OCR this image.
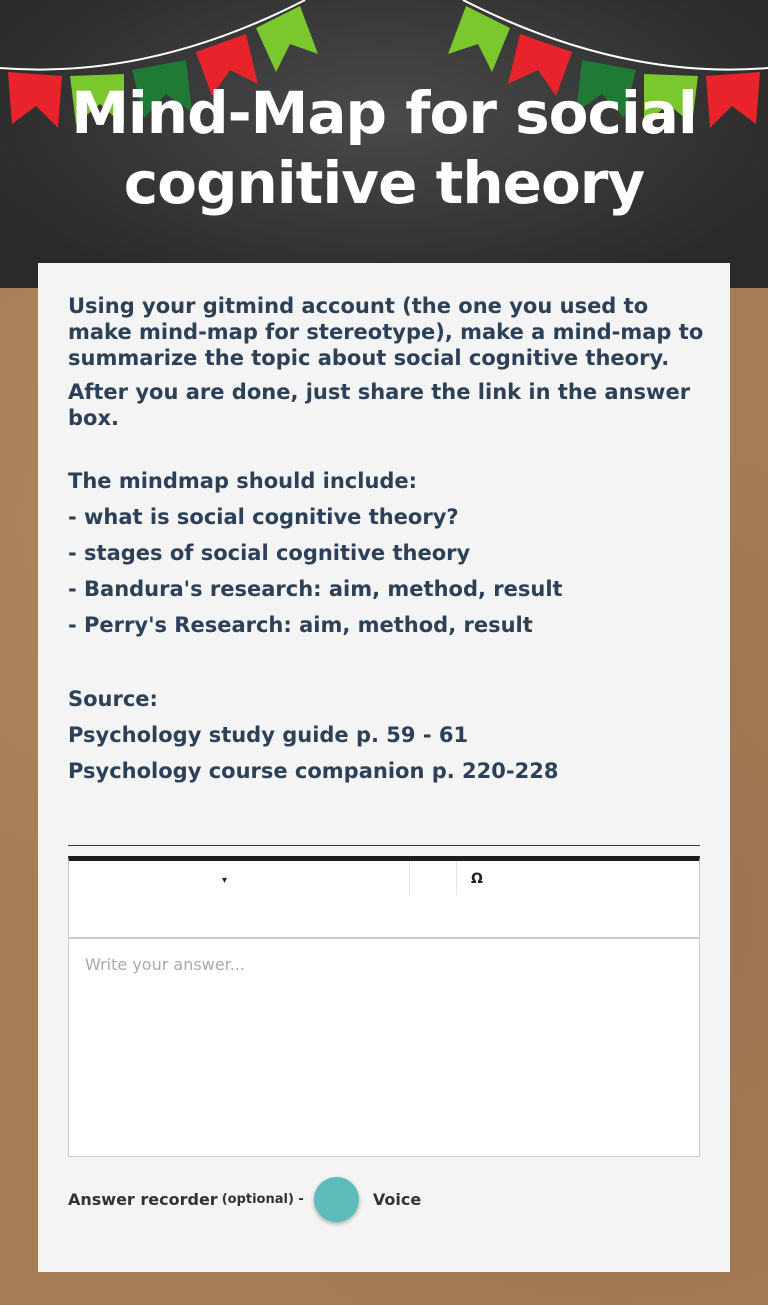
Mind-Map for social cognitive theory

Using your gitmind account (the one you used to make mind-map for stereotype), make a mind-map to summarize the topic about social cognitive theory.

After you are done, just share the link in the answer box.

The mindmap should include:

- what is social cognitive theory?

- stages of social cognitive theory

- Bandura's research: aim, method, result

- Perry's Research: aim, method, result

Source:

Psychology study guide p. 59 - 61

Psychology course companion p. 220-228

▾	Ω
Write your answer...
Answer recorder (optional) -	Voice
